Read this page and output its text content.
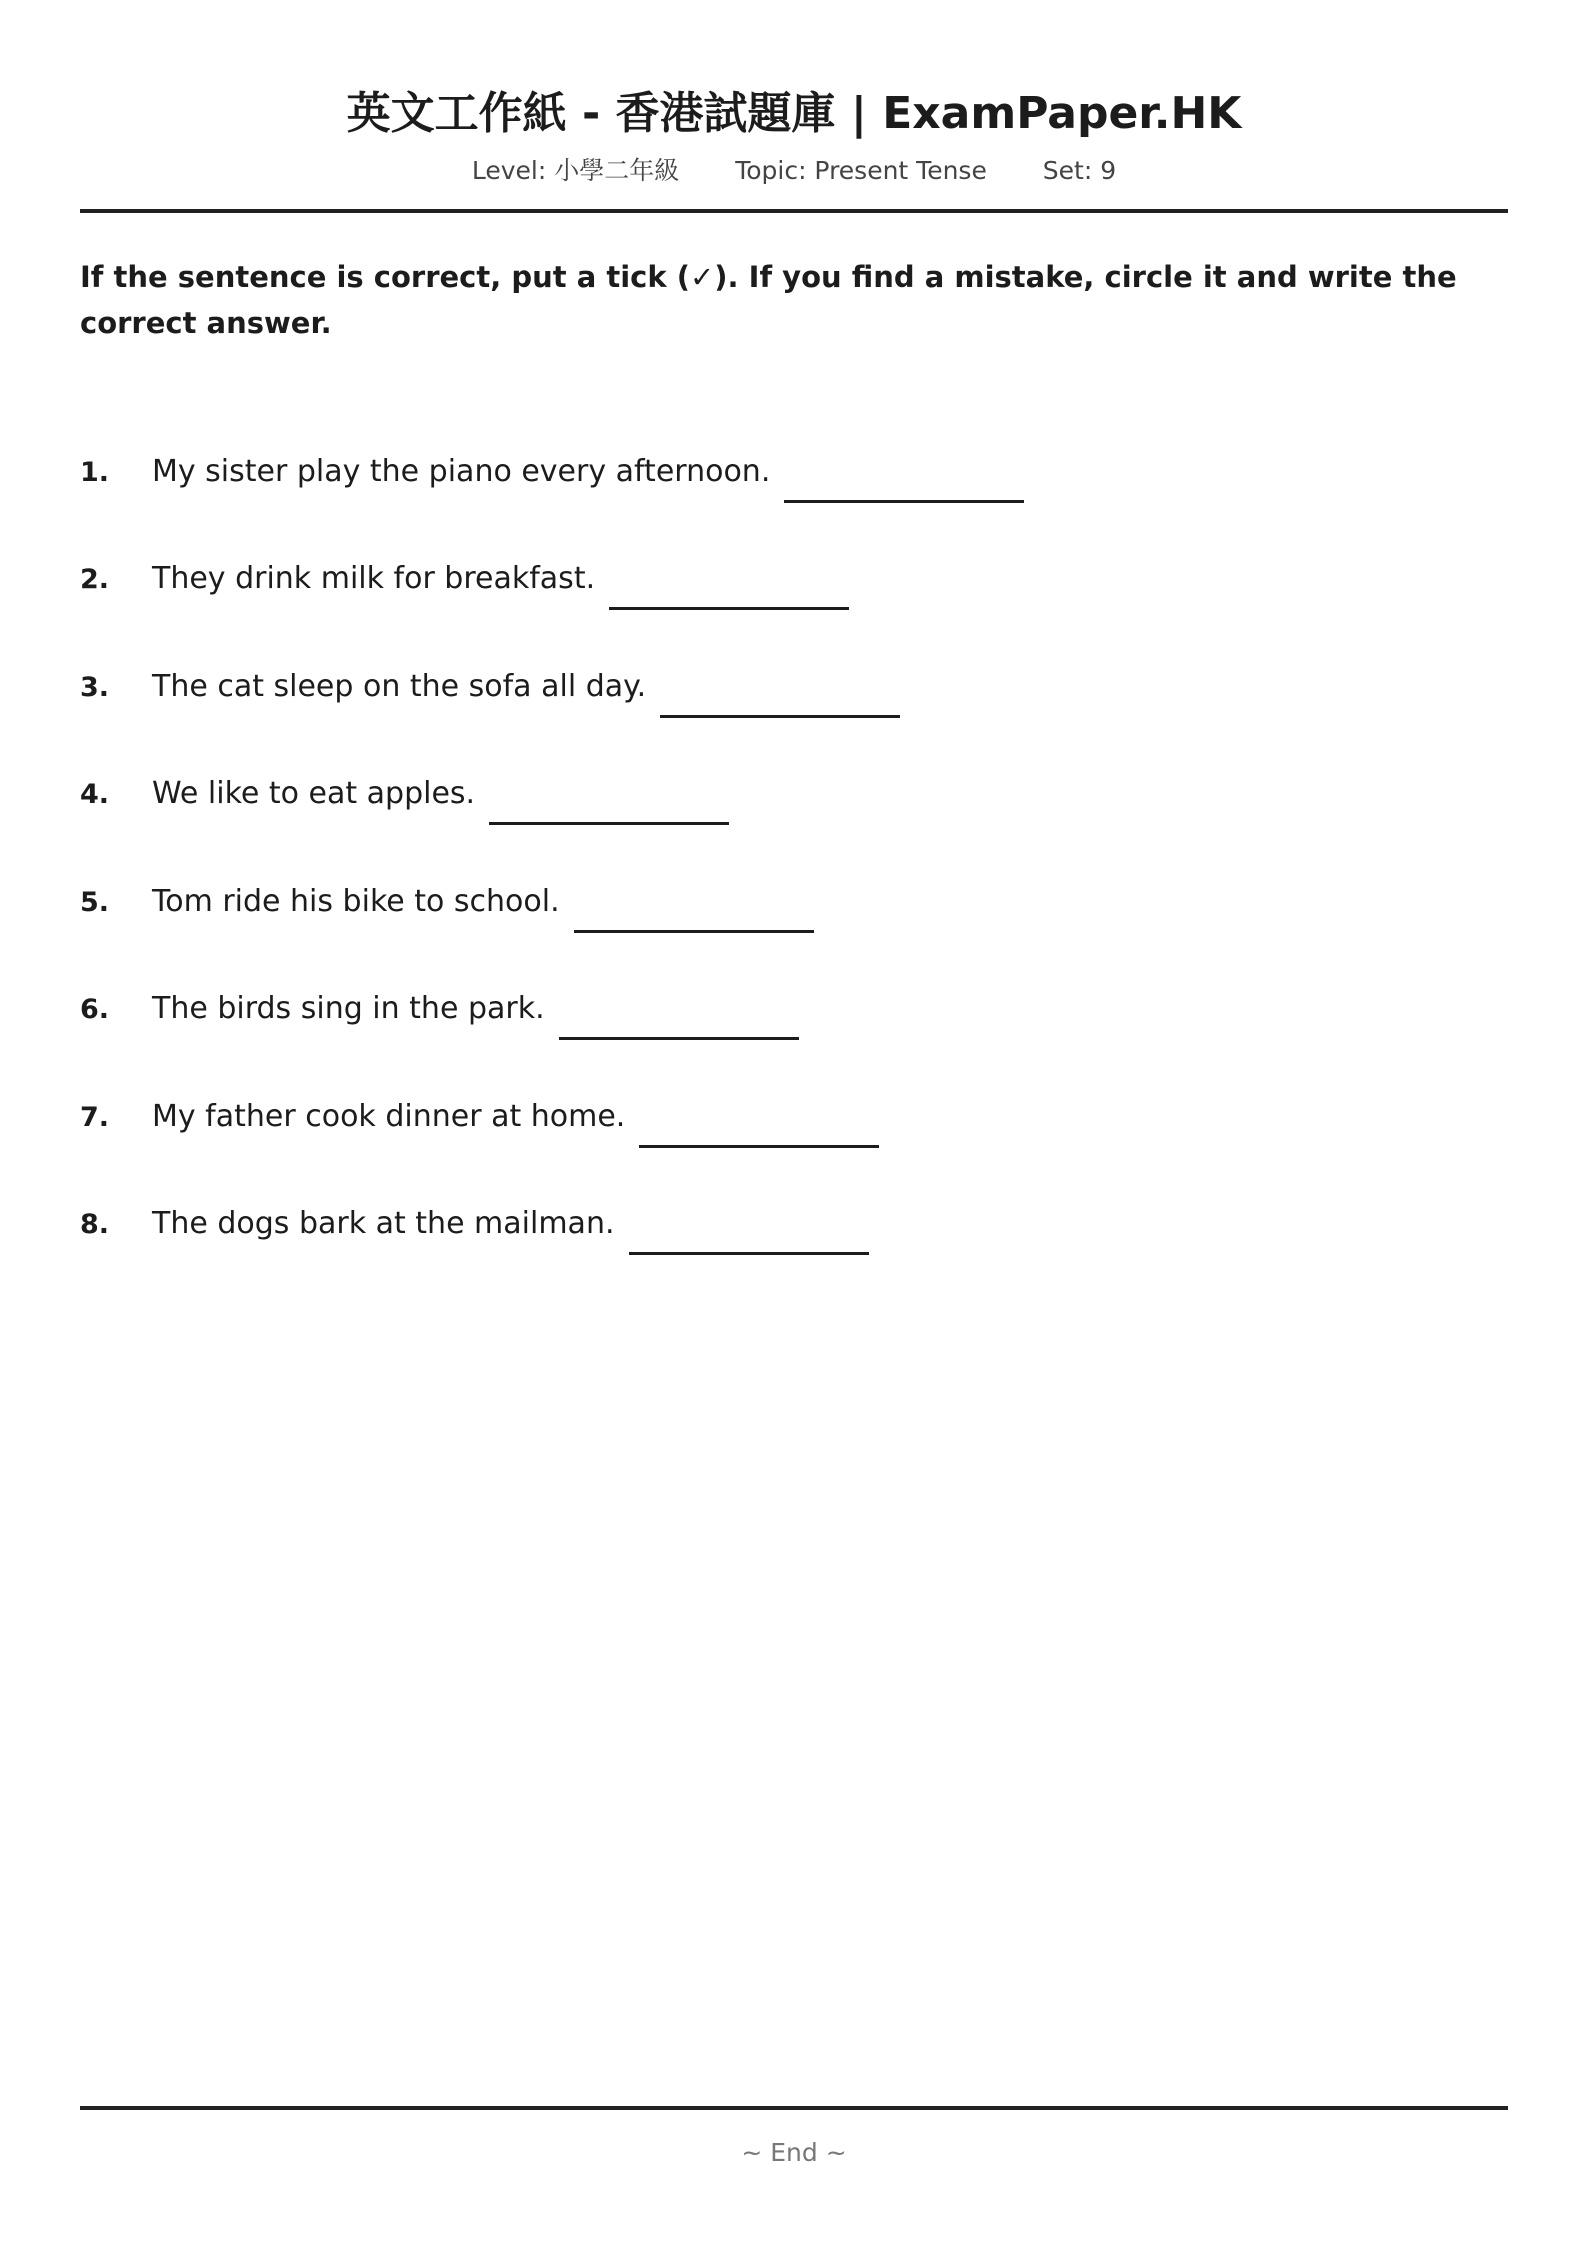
英文工作紙 - 香港試題庫 | ExamPaper.HK
Level: 小學二年級 Topic: Present Tense Set: 9
If the sentence is correct, put a tick (✓). If you find a mistake, circle it and write the correct answer.
1.	My sister play the piano every afternoon.
2.	They drink milk for breakfast.
3.	The cat sleep on the sofa all day.
4.	We like to eat apples.
5.	Tom ride his bike to school.
6.	The birds sing in the park.
7.	My father cook dinner at home.
8.	The dogs bark at the mailman.
~ End ~
